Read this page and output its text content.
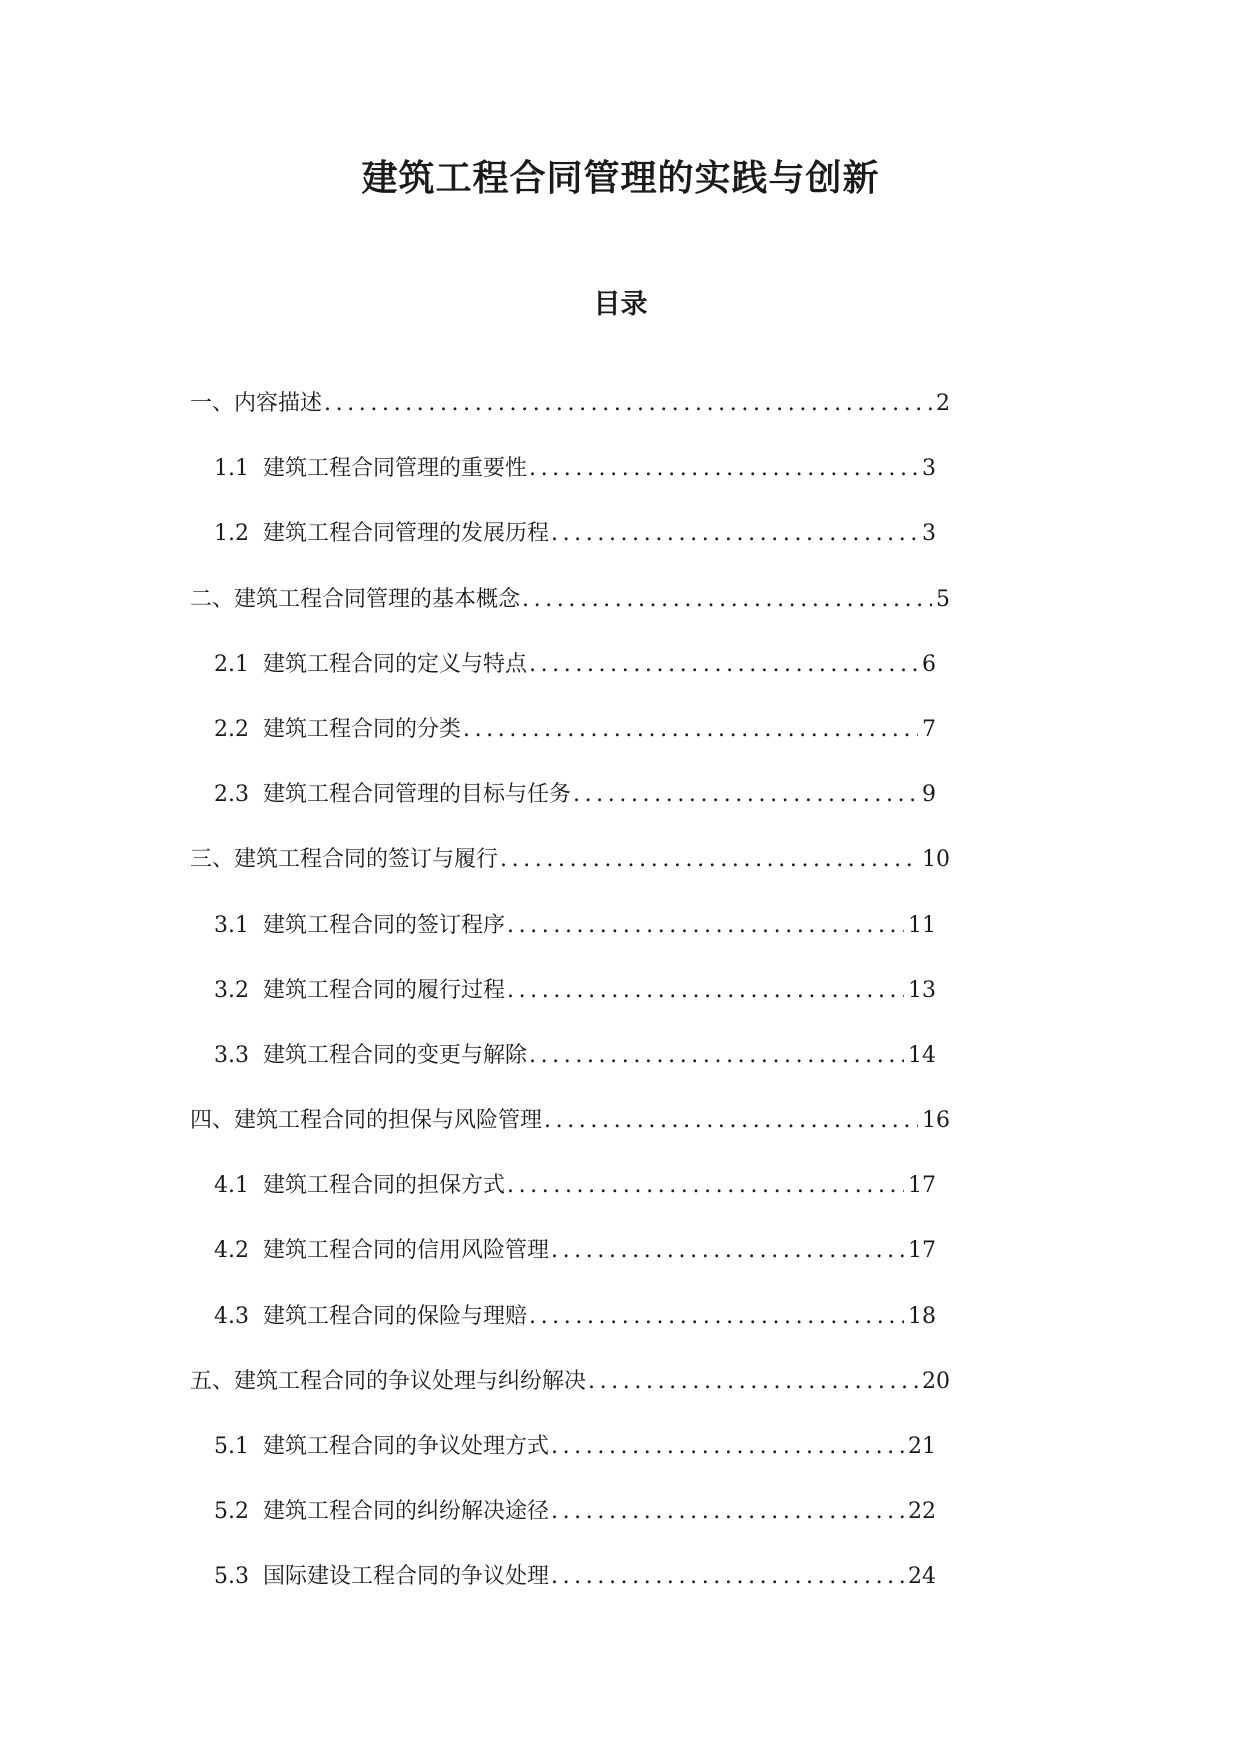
建筑工程合同管理的实践与创新
目录
一、内容描述 .....	2
1.1  建筑工程合同管理的重要性 .....	3
1.2  建筑工程合同管理的发展历程 .....	3
二、建筑工程合同管理的基本概念 .....	5
2.1  建筑工程合同的定义与特点 .....	6
2.2  建筑工程合同的分类 .....	7
2.3  建筑工程合同管理的目标与任务 .....	9
三、建筑工程合同的签订与履行 .....	10
3.1  建筑工程合同的签订程序 .....	11
3.2  建筑工程合同的履行过程 .....	13
3.3  建筑工程合同的变更与解除 .....	14
四、建筑工程合同的担保与风险管理 .....	16
4.1  建筑工程合同的担保方式 .....	17
4.2  建筑工程合同的信用风险管理 .....	17
4.3  建筑工程合同的保险与理赔 .....	18
五、建筑工程合同的争议处理与纠纷解决 .....	20
5.1  建筑工程合同的争议处理方式 .....	21
5.2  建筑工程合同的纠纷解决途径 .....	22
5.3  国际建设工程合同的争议处理 .....	24
